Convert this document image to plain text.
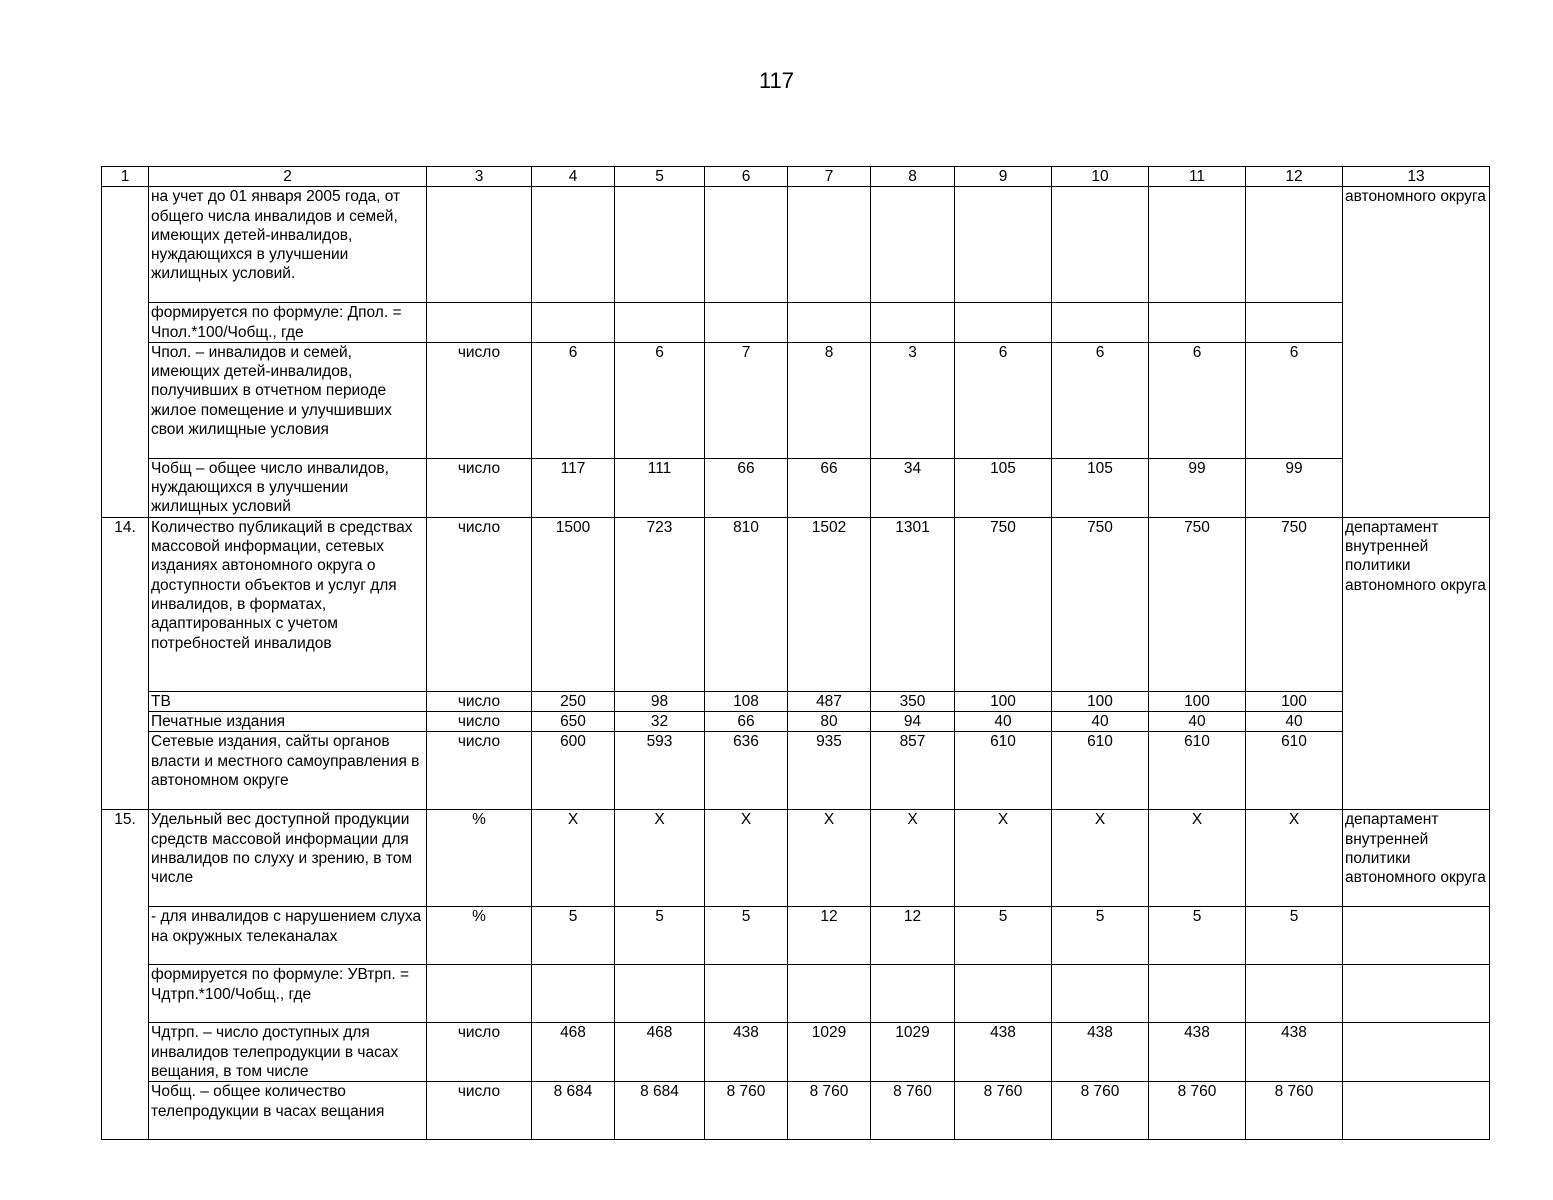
117
1	2	3	4	5	6	7	8	9	10	11	12	13
	на учет до 01 января 2005 года, от общего числа инвалидов и семей, имеющих детей-инвалидов, нуждающихся в улучшении жилищных условий.											автономного округа
	формируется по формуле: Дпол. = Чпол.*100/Чобщ., где											
	Чпол. – инвалидов и семей, имеющих детей-инвалидов, получивших в отчетном периоде жилое помещение и улучшивших свои жилищные условия	число	6	6	7	8	3	6	6	6	6	
	Чобщ – общее число инвалидов, нуждающихся в улучшении жилищных условий	число	117	111	66	66	34	105	105	99	99	
14.	Количество публикаций в средствах массовой информации, сетевых изданиях автономного округа о доступности объектов и услуг для инвалидов, в форматах, адаптированных с учетом потребностей инвалидов	число	1500	723	810	1502	1301	750	750	750	750	департамент внутренней политики автономного округа
	ТВ	число	250	98	108	487	350	100	100	100	100	
	Печатные издания	число	650	32	66	80	94	40	40	40	40	
	Сетевые издания, сайты органов власти и местного самоуправления в автономном округе	число	600	593	636	935	857	610	610	610	610	
15.	Удельный вес доступной продукции средств массовой информации для инвалидов по слуху и зрению, в том числе	%	Х	Х	Х	Х	Х	Х	Х	Х	Х	департамент внутренней политики автономного округа
	- для инвалидов с нарушением слуха на окружных телеканалах	%	5	5	5	12	12	5	5	5	5	
	формируется по формуле: УВтрп. = Чдтрп.*100/Чобщ., где											
	Чдтрп. – число доступных для инвалидов телепродукции в часах вещания, в том числе	число	468	468	438	1029	1029	438	438	438	438	
	Чобщ. – общее количество телепродукции в часах вещания	число	8 684	8 684	8 760	8 760	8 760	8 760	8 760	8 760	8 760	
